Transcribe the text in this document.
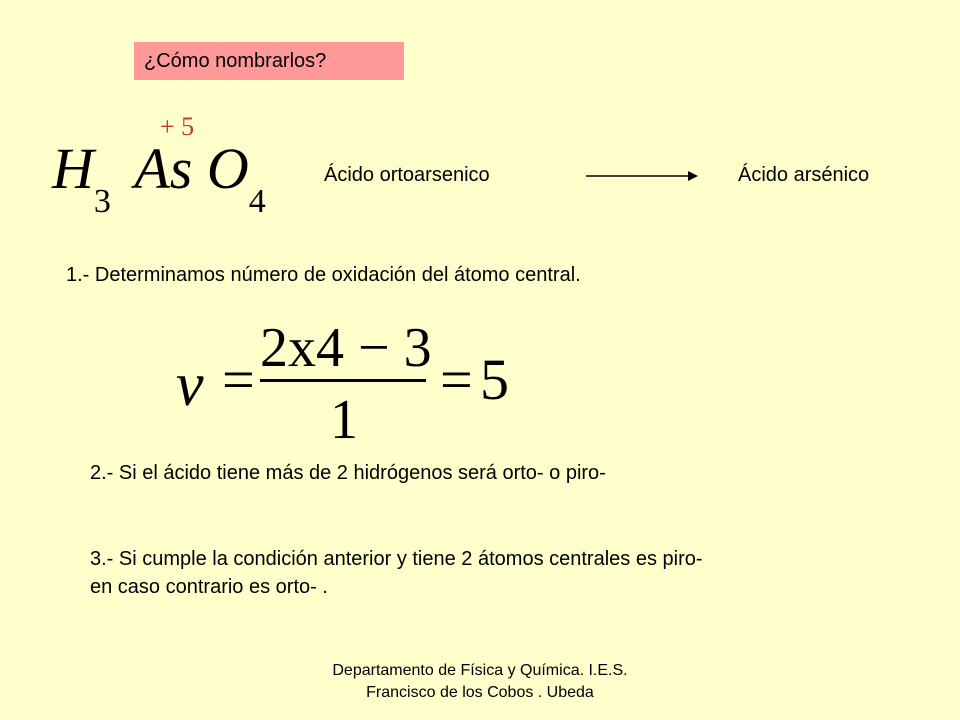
¿Cómo nombrarlos?
+ 5
$H_3$ As $O_4$
Ácido ortoarsenico	Ácido arsénico
1.- Determinamos número de oxidación del átomo central.
v = 2x4 − 3
1
= 5
2.- Si el ácido tiene más de 2 hidrógenos será orto- o piro-
3.- Si cumple la condición anterior y tiene 2 átomos centrales es piro-
en caso contrario es orto- .
Departamento de Física y Química. I.E.S. Francisco de los Cobos . Ubeda
